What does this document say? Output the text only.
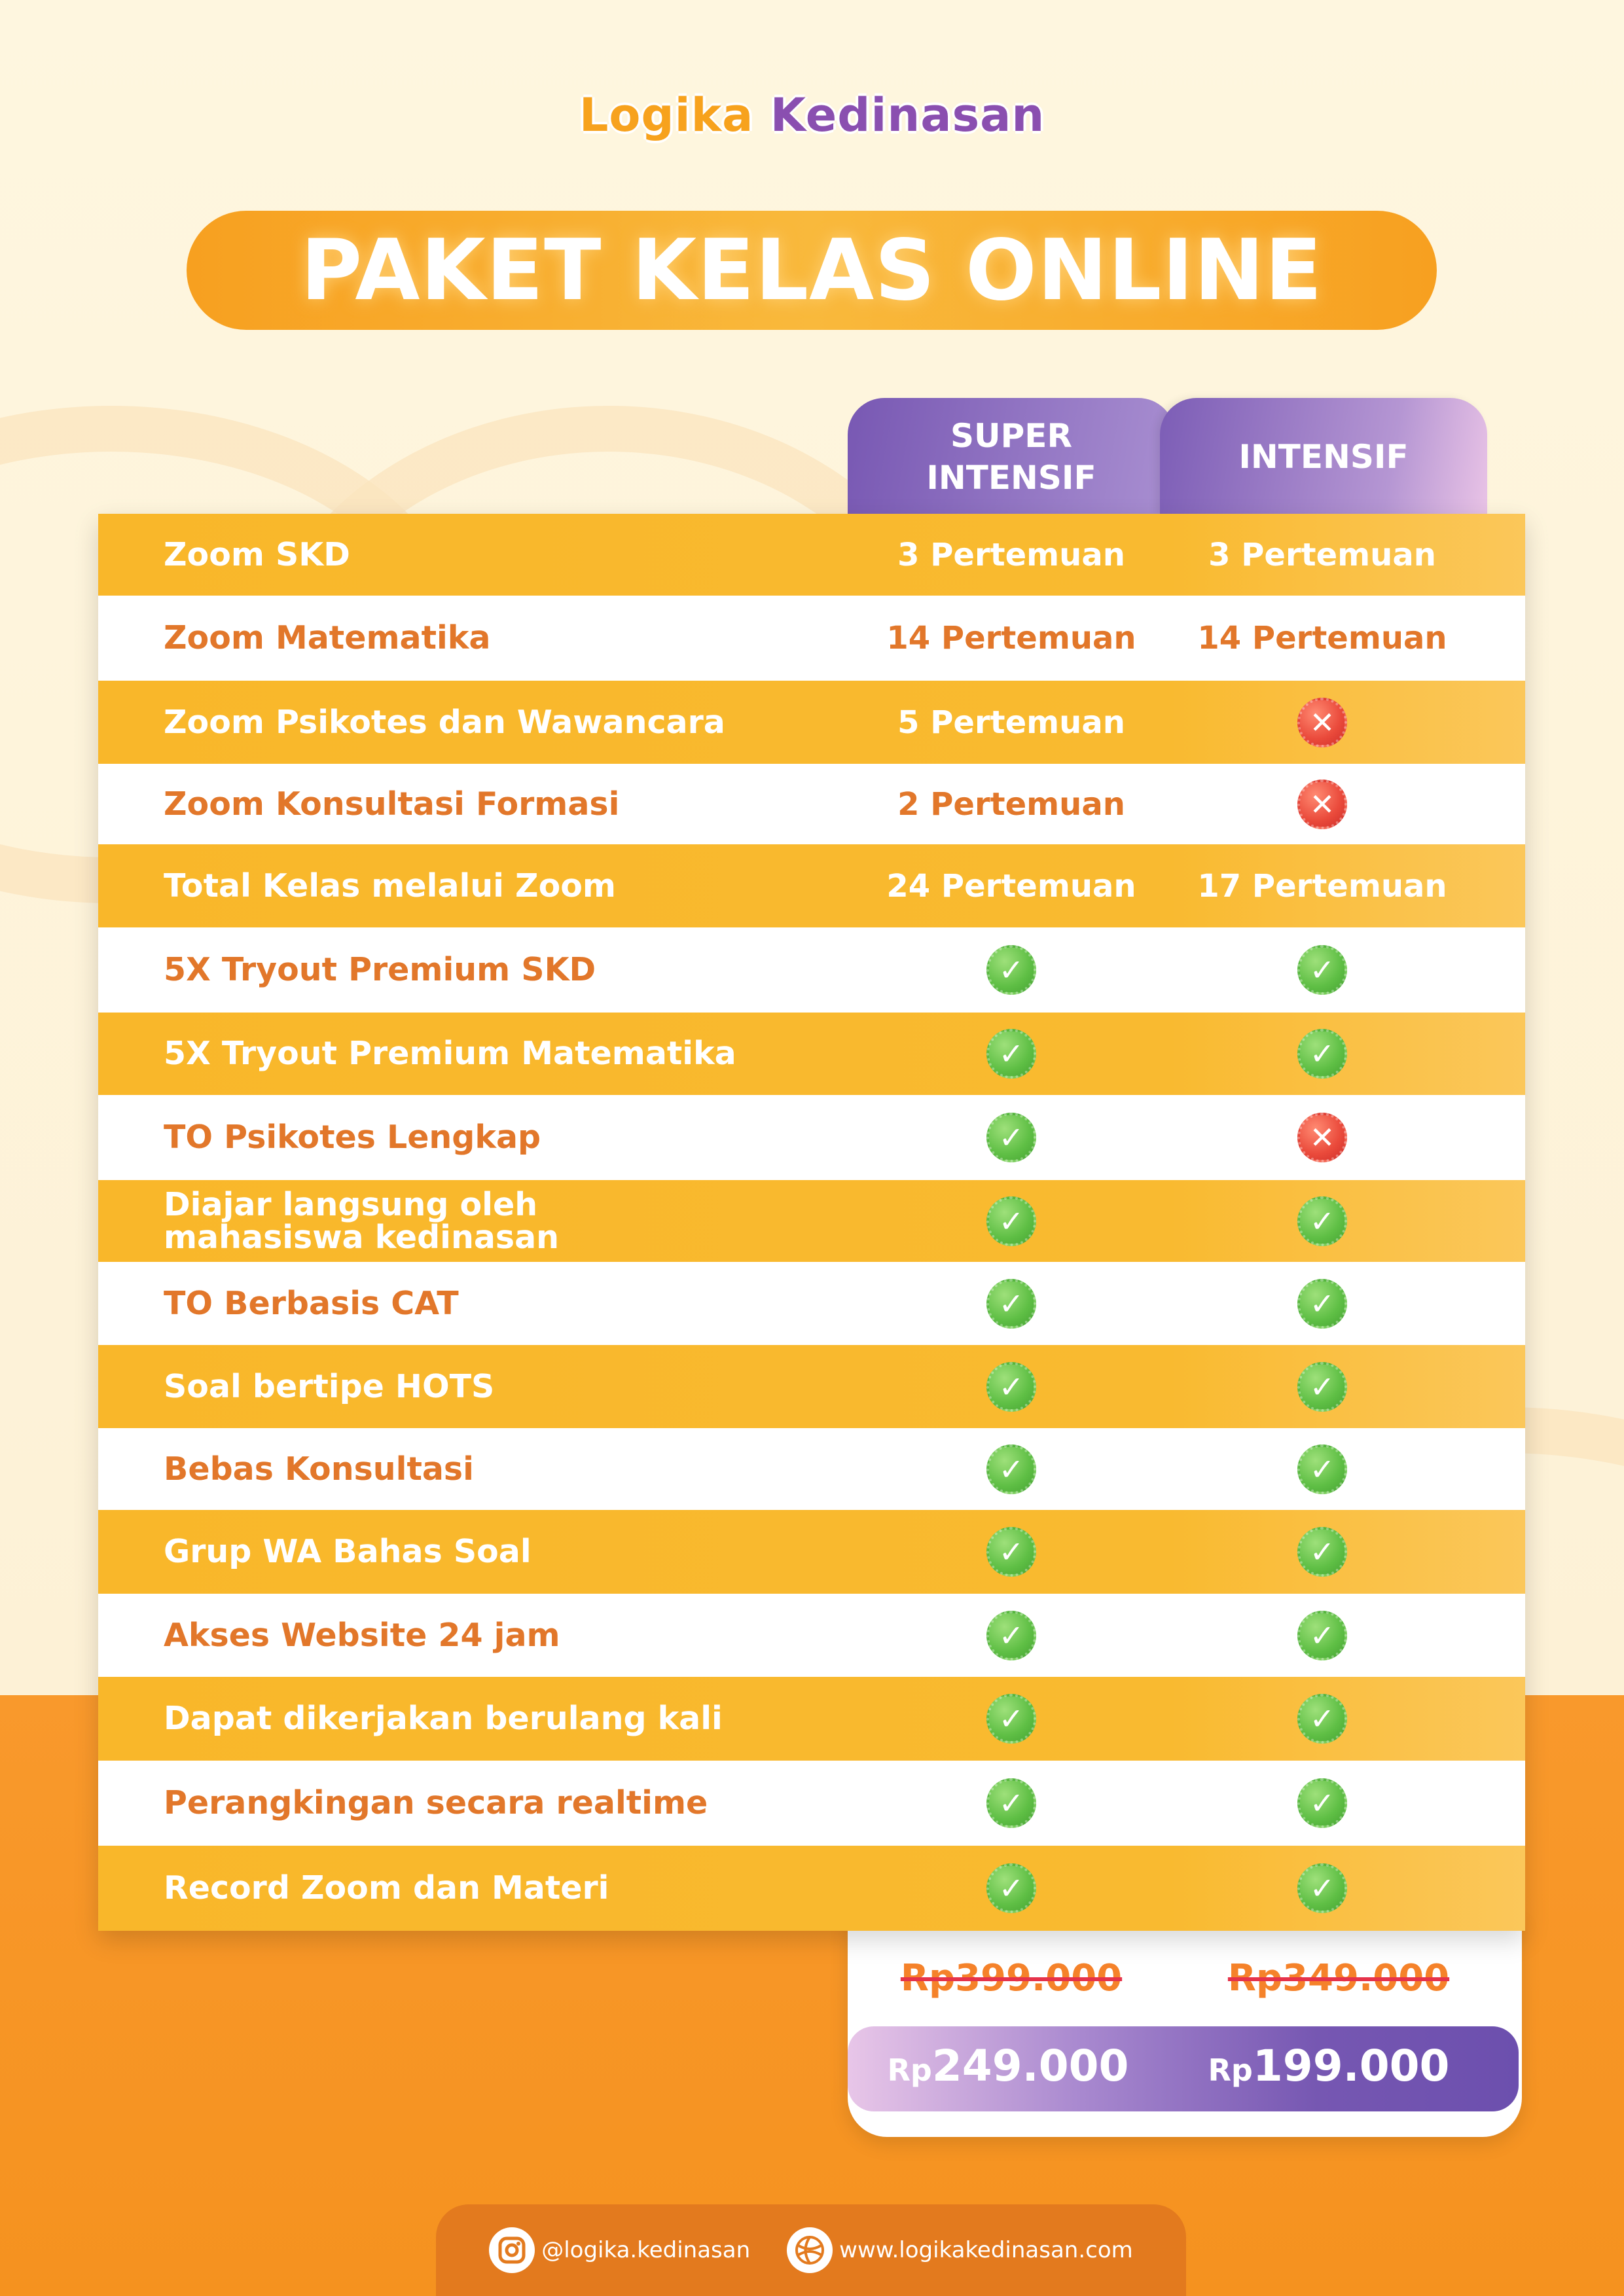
Logika Kedinasan
PAKET KELAS ONLINE
SUPER INTENSIF
INTENSIF
Rp399.000	Rp349.000
Rp249.000	Rp199.000
Zoom SKD	3 Pertemuan	3 Pertemuan
Zoom Matematika	14 Pertemuan 14 Pertemuan
Zoom Psikotes dan Wawancara	5 Pertemuan	✕
Zoom Konsultasi Formasi	2 Pertemuan	✕
Total Kelas melalui Zoom	24 Pertemuan 17 Pertemuan
5X Tryout Premium SKD	✓	✓
5X Tryout Premium Matematika	✓	✓
TO Psikotes Lengkap	✓	✕
Diajar langsung oleh mahasiswa kedinasan	✓	✓
TO Berbasis CAT	✓	✓
Soal bertipe HOTS	✓	✓
Bebas Konsultasi	✓	✓
Grup WA Bahas Soal	✓	✓
Akses Website 24 jam	✓	✓
Dapat dikerjakan berulang kali	✓	✓
Perangkingan secara realtime	✓	✓
Record Zoom dan Materi	✓	✓
@logika.kedinasan	www.logikakedinasan.com
